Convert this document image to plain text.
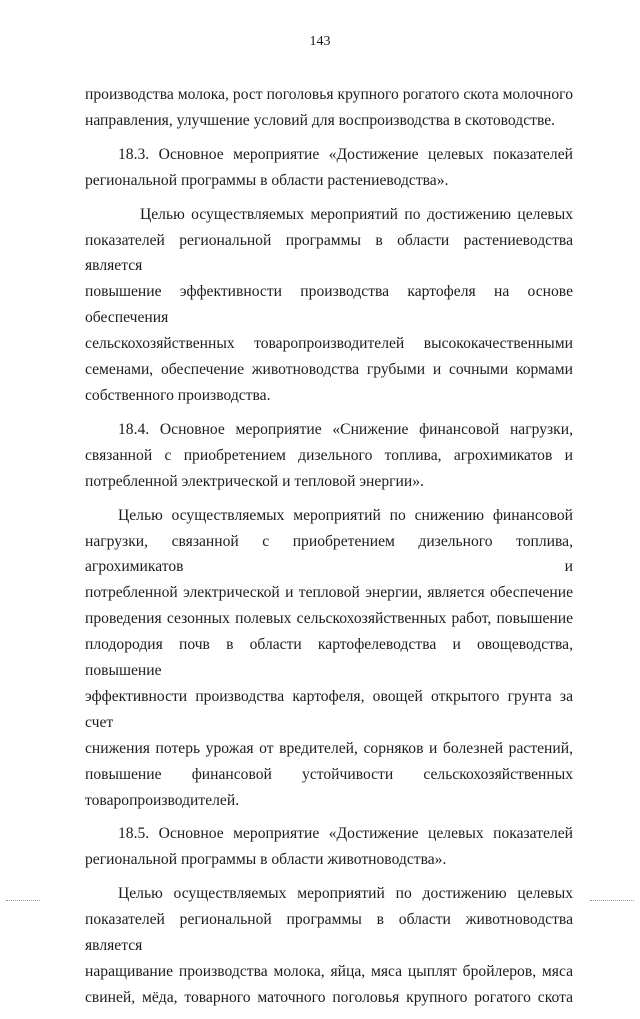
143
производства молока, рост поголовья крупного рогатого скота молочного
направления, улучшение условий для воспроизводства в скотоводстве.
18.3. Основное мероприятие «Достижение целевых показателей
региональной программы в области растениеводства».
Целью осуществляемых мероприятий по достижению целевых
показателей региональной программы в области растениеводства является
повышение эффективности производства картофеля на основе обеспечения
сельскохозяйственных товаропроизводителей высококачественными
семенами, обеспечение животноводства грубыми и сочными кормами
собственного производства.
18.4. Основное мероприятие «Снижение финансовой нагрузки,
связанной с приобретением дизельного топлива, агрохимикатов и
потребленной электрической и тепловой энергии».
Целью осуществляемых мероприятий по снижению финансовой
нагрузки, связанной с приобретением дизельного топлива, агрохимикатов и
потребленной электрической и тепловой энергии, является обеспечение
проведения сезонных полевых сельскохозяйственных работ, повышение
плодородия почв в области картофелеводства и овощеводства, повышение
эффективности производства картофеля, овощей открытого грунта за счет
снижения потерь урожая от вредителей, сорняков и болезней растений,
повышение финансовой устойчивости сельскохозяйственных
товаропроизводителей.
18.5. Основное мероприятие «Достижение целевых показателей
региональной программы в области животноводства».
Целью осуществляемых мероприятий по достижению целевых
показателей региональной программы в области животноводства является
наращивание производства молока, яйца, мяса цыплят бройлеров, мяса
свиней, мёда, товарного маточного поголовья крупного рогатого скота
